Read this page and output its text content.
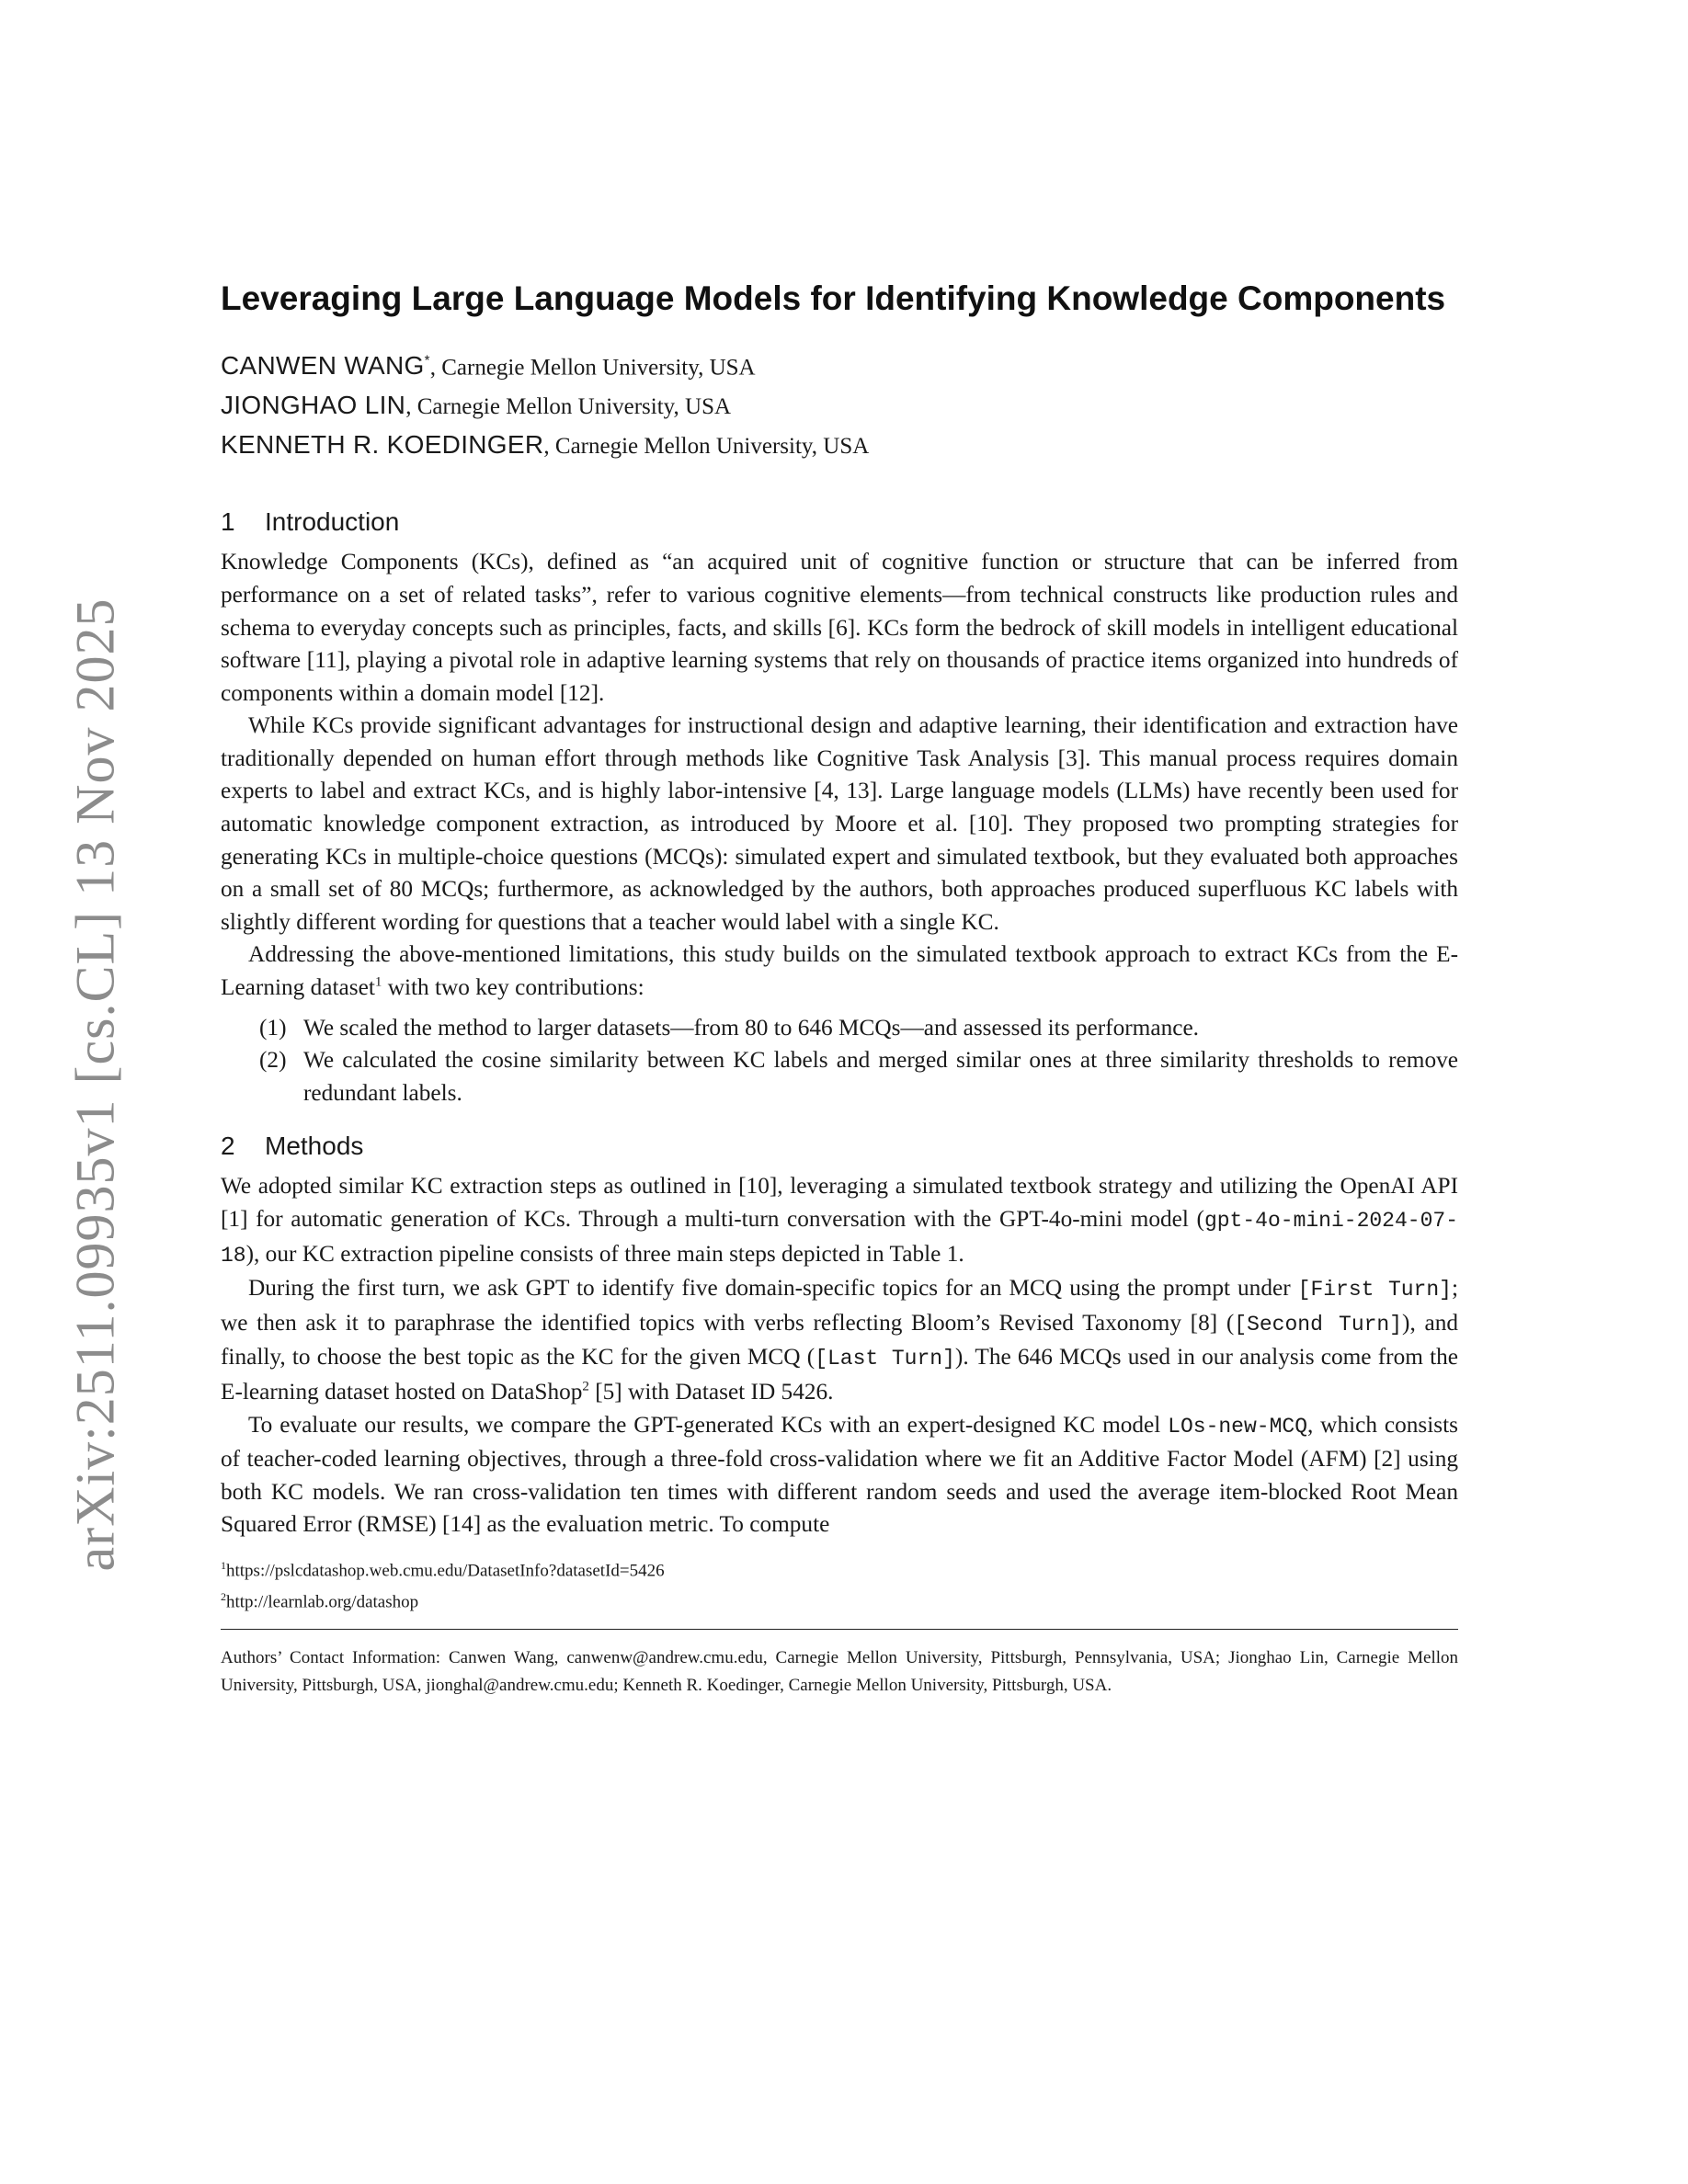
arXiv:2511.09935v1 [cs.CL] 13 Nov 2025
Leveraging Large Language Models for Identifying Knowledge Components
CANWEN WANG*, Carnegie Mellon University, USA
JIONGHAO LIN, Carnegie Mellon University, USA
KENNETH R. KOEDINGER, Carnegie Mellon University, USA
1 Introduction

Knowledge Components (KCs), defined as “an acquired unit of cognitive function or structure that can be inferred from performance on a set of related tasks”, refer to various cognitive elements—from technical constructs like production rules and schema to everyday concepts such as principles, facts, and skills [6]. KCs form the bedrock of skill models in intelligent educational software [11], playing a pivotal role in adaptive learning systems that rely on thousands of practice items organized into hundreds of components within a domain model [12].

While KCs provide significant advantages for instructional design and adaptive learning, their identification and extraction have traditionally depended on human effort through methods like Cognitive Task Analysis [3]. This manual process requires domain experts to label and extract KCs, and is highly labor-intensive [4, 13]. Large language models (LLMs) have recently been used for automatic knowledge component extraction, as introduced by Moore et al. [10]. They proposed two prompting strategies for generating KCs in multiple-choice questions (MCQs): simulated expert and simulated textbook, but they evaluated both approaches on a small set of 80 MCQs; furthermore, as acknowledged by the authors, both approaches produced superfluous KC labels with slightly different wording for questions that a teacher would label with a single KC.

Addressing the above-mentioned limitations, this study builds on the simulated textbook approach to extract KCs from the E-Learning dataset$^1$ with two key contributions:

(1) We scaled the method to larger datasets—from 80 to 646 MCQs—and assessed its performance.
(2) We calculated the cosine similarity between KC labels and merged similar ones at three similarity thresholds to remove redundant labels.
2 Methods

We adopted similar KC extraction steps as outlined in [10], leveraging a simulated textbook strategy and utilizing the OpenAI API [1] for automatic generation of KCs. Through a multi-turn conversation with the GPT-4o-mini model (gpt-4o-mini-2024-07-18), our KC extraction pipeline consists of three main steps depicted in Table 1.

During the first turn, we ask GPT to identify five domain-specific topics for an MCQ using the prompt under [First Turn]; we then ask it to paraphrase the identified topics with verbs reflecting Bloom’s Revised Taxonomy [8] ([Second Turn]), and finally, to choose the best topic as the KC for the given MCQ ([Last Turn]). The 646 MCQs used in our analysis come from the E-learning dataset hosted on DataShop$^2$ [5] with Dataset ID 5426.

To evaluate our results, we compare the GPT-generated KCs with an expert-designed KC model LOs-new-MCQ, which consists of teacher-coded learning objectives, through a three-fold cross-validation where we fit an Additive Factor Model (AFM) [2] using both KC models. We ran cross-validation ten times with different random seeds and used the average item-blocked Root Mean Squared Error (RMSE) [14] as the evaluation metric. To compute

$^1$https://pslcdatashop.web.cmu.edu/DatasetInfo?datasetId=5426
$^2$http://learnlab.org/datashop
Authors’ Contact Information: Canwen Wang, canwenw@andrew.cmu.edu, Carnegie Mellon University, Pittsburgh, Pennsylvania, USA; Jionghao Lin, Carnegie Mellon University, Pittsburgh, USA, jionghal@andrew.cmu.edu; Kenneth R. Koedinger, Carnegie Mellon University, Pittsburgh, USA.
